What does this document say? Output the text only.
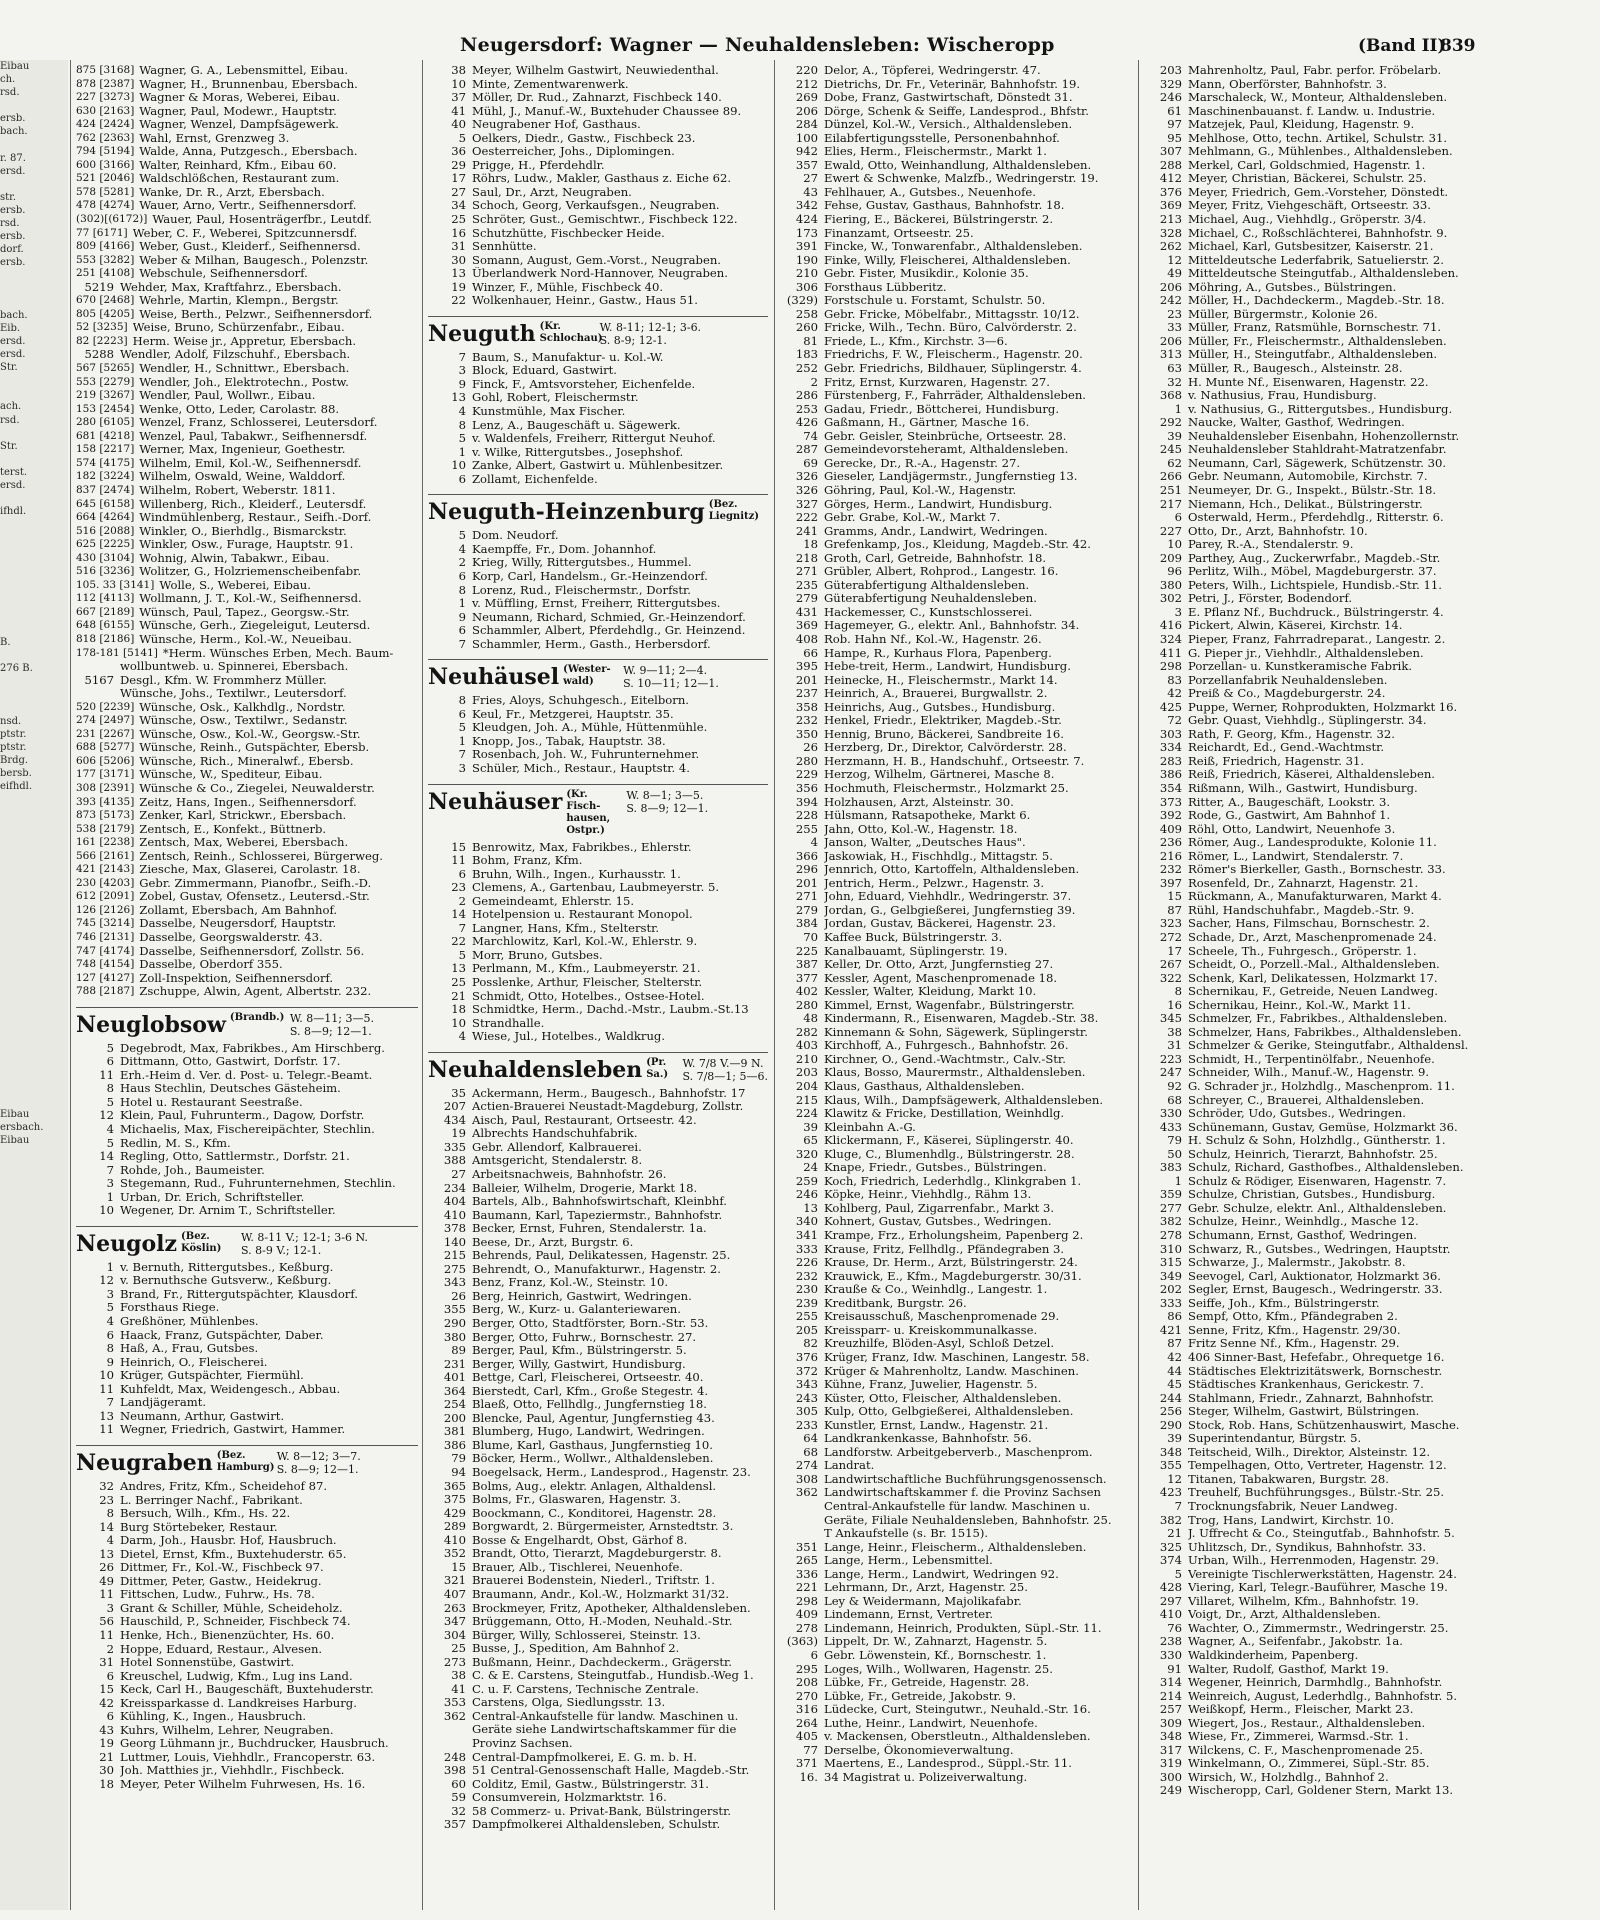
Neugersdorf: Wagner — Neuhaldensleben: Wischeropp	(Band II)
839
Eibau
ch.
rsd.

ersb.
bach.

r. 87.
ersd.

str.
ersb.
rsd.
ersb.
dorf.
ersb.

bach.
Eib.
ersd.
ersd.
Str.

ach.
rsd.

Str.

terst.
ersd.

ifhdl.

B.

276 B.

nsd.
ptstr.
ptstr.
Brdg.
bersb.
eifhdl.

Eibau
ersbach.
Eibau

875 [3168] Wagner, G. A., Lebensmittel, Eibau.
878 [2387] Wagner, H., Brunnenbau, Ebersbach.
227 [3273] Wagner & Moras, Weberei, Eibau.
630 [2163] Wagner, Paul, Modewr., Hauptstr.
424 [2424] Wagner, Wenzel, Dampfsägewerk.
762 [2363] Wahl, Ernst, Grenzweg 3.
794 [5194] Walde, Anna, Putzgesch., Ebersbach.
600 [3166] Walter, Reinhard, Kfm., Eibau 60.
521 [2046] Waldschlößchen, Restaurant zum.
578 [5281] Wanke, Dr. R., Arzt, Ebersbach.
478 [4274] Wauer, Arno, Vertr., Seifhennersdorf.
(302)[(6172)] Wauer, Paul, Hosenträgerfbr., Leutdf.
77 [6171] Weber, C. F., Weberei, Spitzcunnersdf.
809 [4166] Weber, Gust., Kleiderf., Seifhennersd.
553 [3282] Weber & Milhan, Baugesch., Polenzstr.
251 [4108] Webschule, Seifhennersdorf.
5219 Wehder, Max, Kraftfahrz., Ebersbach.
670 [2468] Wehrle, Martin, Klempn., Bergstr.
805 [4205] Weise, Berth., Pelzwr., Seifhennersdorf.
52 [3235] Weise, Bruno, Schürzenfabr., Eibau.
82 [2223] Herm. Weise jr., Appretur, Ebersbach.
5288 Wendler, Adolf, Filzschuhf., Ebersbach.
567 [5265] Wendler, H., Schnittwr., Ebersbach.
553 [2279] Wendler, Joh., Elektrotechn., Postw.
219 [3267] Wendler, Paul, Wollwr., Eibau.
153 [2454] Wenke, Otto, Leder, Carolastr. 88.
280 [6105] Wenzel, Franz, Schlosserei, Leutersdorf.
681 [4218] Wenzel, Paul, Tabakwr., Seifhennersdf.
158 [2217] Werner, Max, Ingenieur, Goethestr.
574 [4175] Wilhelm, Emil, Kol.-W., Seifhennersdf.
182 [3224] Wilhelm, Oswald, Weine, Walddorf.
837 [2474] Wilhelm, Robert, Weberstr. 1811.
645 [6158] Willenberg, Rich., Kleiderf., Leutersdf.
664 [4264] Windmühlenberg, Restaur., Seifh.-Dorf.
516 [2088] Winkler, O., Bierhdlg., Bismarckstr.
625 [2225] Winkler, Osw., Furage, Hauptstr. 91.
430 [3104] Wohnig, Alwin, Tabakwr., Eibau.
516 [3236] Wolitzer, G., Holzriemenscheibenfabr.
105. 33 [3141] Wolle, S., Weberei, Eibau.
112 [4113] Wollmann, J. T., Kol.-W., Seifhennersd.
667 [2189] Wünsch, Paul, Tapez., Georgsw.-Str.
648 [6155] Wünsche, Gerh., Ziegeleigut, Leutersd.
818 [2186] Wünsche, Herm., Kol.-W., Neueibau.
178-181 [5141] *Herm. Wünsches Erben, Mech. Baum-
wollbuntweb. u. Spinnerei, Ebersbach.
5167 Desgl., Kfm. W. Frommherz Müller.
Wünsche, Johs., Textilwr., Leutersdorf.
520 [2239] Wünsche, Osk., Kalkhdlg., Nordstr.
274 [2497] Wünsche, Osw., Textilwr., Sedanstr.
231 [2267] Wünsche, Osw., Kol.-W., Georgsw.-Str.
688 [5277] Wünsche, Reinh., Gutspächter, Ebersb.
606 [5206] Wünsche, Rich., Mineralwf., Ebersb.
177 [3171] Wünsche, W., Spediteur, Eibau.
308 [2391] Wünsche & Co., Ziegelei, Neuwalderstr.
393 [4135] Zeitz, Hans, Ingen., Seifhennersdorf.
873 [5173] Zenker, Karl, Strickwr., Ebersbach.
538 [2179] Zentsch, E., Konfekt., Büttnerb.
161 [2238] Zentsch, Max, Weberei, Ebersbach.
566 [2161] Zentsch, Reinh., Schlosserei, Bürgerweg.
421 [2143] Ziesche, Max, Glaserei, Carolastr. 18.
230 [4203] Gebr. Zimmermann, Pianofbr., Seifh.-D.
612 [2091] Zobel, Gustav, Ofensetz., Leutersd.-Str.
126 [2126] Zollamt, Ebersbach, Am Bahnhof.
745 [3214] Dasselbe, Neugersdorf, Hauptstr.
746 [2131] Dasselbe, Georgswalderstr. 43.
747 [4174] Dasselbe, Seifhennersdorf, Zollstr. 56.
748 [4154] Dasselbe, Oberdorf 355.
127 [4127] Zoll-Inspektion, Seifhennersdorf.
788 [2187] Zschuppe, Alwin, Agent, Albertstr. 232.
Neuglobsow (Brandb.) W. 8—11; 3—5.
S. 8—9; 12—1.
5 Degebrodt, Max, Fabrikbes., Am Hirschberg.
6 Dittmann, Otto, Gastwirt, Dorfstr. 17.
11 Erh.-Heim d. Ver. d. Post- u. Telegr.-Beamt.
8 Haus Stechlin, Deutsches Gästeheim.
5 Hotel u. Restaurant Seestraße.
12 Klein, Paul, Fuhrunterm., Dagow, Dorfstr.
4 Michaelis, Max, Fischereipächter, Stechlin.
5 Redlin, M. S., Kfm.
14 Regling, Otto, Sattlermstr., Dorfstr. 21.
7 Rohde, Joh., Baumeister.
3 Stegemann, Rud., Fuhrunternehmen, Stechlin.
1 Urban, Dr. Erich, Schriftsteller.
10 Wegener, Dr. Arnim T., Schriftsteller.
Neugolz (Bez. Köslin)
W. 8-11 V.; 12-1; 3-6 N.
S. 8-9 V.; 12-1.
1 v. Bernuth, Rittergutsbes., Keßburg.
12 v. Bernuthsche Gutsverw., Keßburg.
3 Brand, Fr., Rittergutspächter, Klausdorf.
5 Forsthaus Riege.
4 Greßhöner, Mühlenbes.
6 Haack, Franz, Gutspächter, Daber.
8 Haß, A., Frau, Gutsbes.
9 Heinrich, O., Fleischerei.
10 Krüger, Gutspächter, Fiermühl.
11 Kuhfeldt, Max, Weidengesch., Abbau.
7 Landjägeramt.
13 Neumann, Arthur, Gastwirt.
11 Wegner, Friedrich, Gastwirt, Hammer.
Neugraben (Bez. Hamburg)
W. 8—12; 3—7.
S. 8—9; 12—1.
32 Andres, Fritz, Kfm., Scheidehof 87.
23 L. Berringer Nachf., Fabrikant.
8 Bersuch, Wilh., Kfm., Hs. 22.
14 Burg Störtebeker, Restaur.
4 Darm, Joh., Hausbr. Hof, Hausbruch.
13 Dietel, Ernst, Kfm., Buxtehuderstr. 65.
26 Dittmer, Fr., Kol.-W., Fischbeck 97.
49 Dittmer, Peter, Gastw., Heidekrug.
11 Fittschen, Ludw., Fuhrw., Hs. 78.
3 Grant & Schiller, Mühle, Scheideholz.
56 Hauschild, P., Schneider, Fischbeck 74.
11 Henke, Hch., Bienenzüchter, Hs. 60.
2 Hoppe, Eduard, Restaur., Alvesen.
31 Hotel Sonnenstübe, Gastwirt.
6 Kreuschel, Ludwig, Kfm., Lug ins Land.
15 Keck, Carl H., Baugeschäft, Buxtehuderstr.
42 Kreissparkasse d. Landkreises Harburg.
6 Kühling, K., Ingen., Hausbruch.
43 Kuhrs, Wilhelm, Lehrer, Neugraben.
19 Georg Lühmann jr., Buchdrucker, Hausbruch.
21 Luttmer, Louis, Viehhdlr., Francoperstr. 63.
30 Joh. Matthies jr., Viehhdlr., Fischbeck.
18 Meyer, Peter Wilhelm Fuhrwesen, Hs. 16.
38 Meyer, Wilhelm Gastwirt, Neuwiedenthal.
10 Minte, Zementwarenwerk.
37 Möller, Dr. Rud., Zahnarzt, Fischbeck 140.
41 Mühl, J., Manuf.-W., Buxtehuder Chaussee 89.
40 Neugrabener Hof, Gasthaus.
5 Oelkers, Diedr., Gastw., Fischbeck 23.
36 Oesterreicher, Johs., Diplomingen.
29 Prigge, H., Pferdehdlr.
17 Röhrs, Ludw., Makler, Gasthaus z. Eiche 62.
27 Saul, Dr., Arzt, Neugraben.
34 Schoch, Georg, Verkaufsgen., Neugraben.
25 Schröter, Gust., Gemischtwr., Fischbeck 122.
16 Schutzhütte, Fischbecker Heide.
31 Sennhütte.
30 Somann, August, Gem.-Vorst., Neugraben.
13 Überlandwerk Nord-Hannover, Neugraben.
19 Winzer, F., Mühle, Fischbeck 40.
22 Wolkenhauer, Heinr., Gastw., Haus 51.
Neuguth (Kr. Schlochau)
W. 8-11; 12-1; 3-6.
S. 8-9; 12-1.
7 Baum, S., Manufaktur- u. Kol.-W.
3 Block, Eduard, Gastwirt.
9 Finck, F., Amtsvorsteher, Eichenfelde.
13 Gohl, Robert, Fleischermstr.
4 Kunstmühle, Max Fischer.
8 Lenz, A., Baugeschäft u. Sägewerk.
5 v. Waldenfels, Freiherr, Rittergut Neuhof.
1 v. Wilke, Rittergutsbes., Josephshof.
10 Zanke, Albert, Gastwirt u. Mühlenbesitzer.
6 Zollamt, Eichenfelde.
Neuguth-Heinzenburg (Bez. Liegnitz)
5 Dom. Neudorf.
4 Kaempffe, Fr., Dom. Johannhof.
2 Krieg, Willy, Rittergutsbes., Hummel.
6 Korp, Carl, Handelsm., Gr.-Heinzendorf.
8 Lorenz, Rud., Fleischermstr., Dorfstr.
1 v. Müffling, Ernst, Freiherr, Rittergutsbes.
9 Neumann, Richard, Schmied, Gr.-Heinzendorf.
6 Schammler, Albert, Pferdehdlg., Gr. Heinzend.
7 Schammler, Herm., Gasth., Herbersdorf.
Neuhäusel (Wester-wald)
W. 9—11; 2—4.
S. 10—11; 12—1.
8 Fries, Aloys, Schuhgesch., Eitelborn.
6 Keul, Fr., Metzgerei, Hauptstr. 35.
5 Kleudgen, Joh. A., Mühle, Hüttenmühle.
1 Knopp, Jos., Tabak, Hauptstr. 38.
7 Rosenbach, Joh. W., Fuhrunternehmer.
3 Schüler, Mich., Restaur., Hauptstr. 4.
Neuhäuser (Kr. Fisch-hausen, Ostpr.)
W. 8—1; 3—5.
S. 8—9; 12—1.
15 Benrowitz, Max, Fabrikbes., Ehlerstr.
11 Bohm, Franz, Kfm.
6 Bruhn, Wilh., Ingen., Kurhausstr. 1.
23 Clemens, A., Gartenbau, Laubmeyerstr. 5.
2 Gemeindeamt, Ehlerstr. 15.
14 Hotelpension u. Restaurant Monopol.
7 Langner, Hans, Kfm., Stelterstr.
22 Marchlowitz, Karl, Kol.-W., Ehlerstr. 9.
5 Morr, Bruno, Gutsbes.
13 Perlmann, M., Kfm., Laubmeyerstr. 21.
25 Posslenke, Arthur, Fleischer, Stelterstr.
21 Schmidt, Otto, Hotelbes., Ostsee-Hotel.
18 Schmidtke, Herm., Dachd.-Mstr., Laubm.-St.13
10 Strandhalle.
4 Wiese, Jul., Hotelbes., Waldkrug.
Neuhaldensleben (Pr. Sa.)
W. 7/8 V.—9 N.
S. 7/8—1; 5—6.
35 Ackermann, Herm., Baugesch., Bahnhofstr. 17
207 Actien-Brauerei Neustadt-Magdeburg, Zollstr.
434 Aisch, Paul, Restaurant, Ortseestr. 42.
19 Albrechts Handschuhfabrik.
335 Gebr. Allendorf, Kalbrauerei.
388 Amtsgericht, Stendalerstr. 8.
27 Arbeitsnachweis, Bahnhofstr. 26.
234 Balleier, Wilhelm, Drogerie, Markt 18.
404 Bartels, Alb., Bahnhofswirtschaft, Kleinbhf.
410 Baumann, Karl, Tapeziermstr., Bahnhofstr.
378 Becker, Ernst, Fuhren, Stendalerstr. 1a.
140 Beese, Dr., Arzt, Burgstr. 6.
215 Behrends, Paul, Delikatessen, Hagenstr. 25.
275 Behrendt, O., Manufakturwr., Hagenstr. 2.
343 Benz, Franz, Kol.-W., Steinstr. 10.
26 Berg, Heinrich, Gastwirt, Wedringen.
355 Berg, W., Kurz- u. Galanteriewaren.
290 Berger, Otto, Stadtförster, Born.-Str. 53.
380 Berger, Otto, Fuhrw., Bornschestr. 27.
89 Berger, Paul, Kfm., Bülstringerstr. 5.
231 Berger, Willy, Gastwirt, Hundisburg.
401 Bettge, Carl, Fleischerei, Ortseestr. 40.
364 Bierstedt, Carl, Kfm., Große Stegestr. 4.
254 Blaeß, Otto, Fellhdlg., Jungfernstieg 18.
200 Blencke, Paul, Agentur, Jungfernstieg 43.
381 Blumberg, Hugo, Landwirt, Wedringen.
386 Blume, Karl, Gasthaus, Jungfernstieg 10.
79 Böcker, Herm., Wollwr., Althaldensleben.
94 Boegelsack, Herm., Landesprod., Hagenstr. 23.
365 Bolms, Aug., elektr. Anlagen, Althaldensl.
375 Bolms, Fr., Glaswaren, Hagenstr. 3.
429 Boockmann, C., Konditorei, Hagenstr. 28.
289 Borgwardt, 2. Bürgermeister, Arnstedtstr. 3.
410 Bosse & Engelhardt, Obst, Gärhof 8.
352 Brandt, Otto, Tierarzt, Magdeburgerstr. 8.
15 Brauer, Alb., Tischlerei, Neuenhofe.
321 Brauerei Bodenstein, Niederl., Triftstr. 1.
407 Braumann, Andr., Kol.-W., Holzmarkt 31/32.
263 Brockmeyer, Fritz, Apotheker, Althaldensleben.
347 Brüggemann, Otto, H.-Moden, Neuhald.-Str.
304 Bürger, Willy, Schlosserei, Steinstr. 13.
25 Busse, J., Spedition, Am Bahnhof 2.
273 Bußmann, Heinr., Dachdeckerm., Grägerstr.
38 C. & E. Carstens, Steingutfab., Hundisb.-Weg 1.
41 C. u. F. Carstens, Technische Zentrale.
353 Carstens, Olga, Siedlungsstr. 13.
362 Central-Ankaufstelle für landw. Maschinen u.
Geräte siehe Landwirtschaftskammer für die
Provinz Sachsen.
248 Central-Dampfmolkerei, E. G. m. b. H.
398 51 Central-Genossenschaft Halle, Magdeb.-Str.
60 Colditz, Emil, Gastw., Bülstringerstr. 31.
59 Consumverein, Holzmarktstr. 16.
32 58 Commerz- u. Privat-Bank, Bülstringerstr.
357 Dampfmolkerei Althaldensleben, Schulstr.
220 Delor, A., Töpferei, Wedringerstr. 47.
212 Dietrichs, Dr. Fr., Veterinär, Bahnhofstr. 19.
269 Dobe, Franz, Gastwirtschaft, Dönstedt 31.
206 Dörge, Schenk & Seiffe, Landesprod., Bhfstr.
284 Dünzel, Kol.-W., Versich., Althaldensleben.
100 Eilabfertigungsstelle, Personenbahnhof.
942 Elies, Herm., Fleischermstr., Markt 1.
357 Ewald, Otto, Weinhandlung, Althaldensleben.
27 Ewert & Schwenke, Malzfb., Wedringerstr. 19.
43 Fehlhauer, A., Gutsbes., Neuenhofe.
342 Fehse, Gustav, Gasthaus, Bahnhofstr. 18.
424 Fiering, E., Bäckerei, Bülstringerstr. 2.
173 Finanzamt, Ortseestr. 25.
391 Fincke, W., Tonwarenfabr., Althaldensleben.
190 Finke, Willy, Fleischerei, Althaldensleben.
210 Gebr. Fister, Musikdir., Kolonie 35.
306 Forsthaus Lübberitz.
(329) Forstschule u. Forstamt, Schulstr. 50.
258 Gebr. Fricke, Möbelfabr., Mittagsstr. 10/12.
260 Fricke, Wilh., Techn. Büro, Calvörderstr. 2.
81 Friede, L., Kfm., Kirchstr. 3—6.
183 Friedrichs, F. W., Fleischerm., Hagenstr. 20.
252 Gebr. Friedrichs, Bildhauer, Süplingerstr. 4.
2 Fritz, Ernst, Kurzwaren, Hagenstr. 27.
286 Fürstenberg, F., Fahrräder, Althaldensleben.
253 Gadau, Friedr., Böttcherei, Hundisburg.
426 Gaßmann, H., Gärtner, Masche 16.
74 Gebr. Geisler, Steinbrüche, Ortseestr. 28.
287 Gemeindevorsteheramt, Althaldensleben.
69 Gerecke, Dr., R.-A., Hagenstr. 27.
326 Gieseler, Landjägermstr., Jungfernstieg 13.
326 Göhring, Paul, Kol.-W., Hagenstr.
327 Görges, Herm., Landwirt, Hundisburg.
222 Gebr. Grabe, Kol.-W., Markt 7.
241 Gramms, Andr., Landwirt, Wedringen.
18 Grefenkamp, Jos., Kleidung, Magdeb.-Str. 42.
218 Groth, Carl, Getreide, Bahnhofstr. 18.
271 Grübler, Albert, Rohprod., Langestr. 16.
235 Güterabfertigung Althaldensleben.
279 Güterabfertigung Neuhaldensleben.
431 Hackemesser, C., Kunstschlosserei.
369 Hagemeyer, G., elektr. Anl., Bahnhofstr. 34.
408 Rob. Hahn Nf., Kol.-W., Hagenstr. 26.
66 Hampe, R., Kurhaus Flora, Papenberg.
395 Hebe-treit, Herm., Landwirt, Hundisburg.
201 Heinecke, H., Fleischermstr., Markt 14.
237 Heinrich, A., Brauerei, Burgwallstr. 2.
358 Heinrichs, Aug., Gutsbes., Hundisburg.
232 Henkel, Friedr., Elektriker, Magdeb.-Str.
350 Hennig, Bruno, Bäckerei, Sandbreite 16.
26 Herzberg, Dr., Direktor, Calvörderstr. 28.
280 Herzmann, H. B., Handschuhf., Ortseestr. 7.
229 Herzog, Wilhelm, Gärtnerei, Masche 8.
356 Hochmuth, Fleischermstr., Holzmarkt 25.
394 Holzhausen, Arzt, Alsteinstr. 30.
228 Hülsmann, Ratsapotheke, Markt 6.
255 Jahn, Otto, Kol.-W., Hagenstr. 18.
4 Janson, Walter, „Deutsches Haus".
366 Jaskowiak, H., Fischhdlg., Mittagstr. 5.
296 Jennrich, Otto, Kartoffeln, Althaldensleben.
201 Jentrich, Herm., Pelzwr., Hagenstr. 3.
271 John, Eduard, Viehhdlr., Wedringerstr. 37.
279 Jordan, G., Gelbgießerei, Jungfernstieg 39.
384 Jordan, Gustav, Bäckerei, Hagenstr. 23.
70 Kaffee Buck, Bülstringerstr. 3.
225 Kanalbauamt, Süplingerstr. 19.
387 Keller, Dr. Otto, Arzt, Jungfernstieg 27.
377 Kessler, Agent, Maschenpromenade 18.
402 Kessler, Walter, Kleidung, Markt 10.
280 Kimmel, Ernst, Wagenfabr., Bülstringerstr.
48 Kindermann, R., Eisenwaren, Magdeb.-Str. 38.
282 Kinnemann & Sohn, Sägewerk, Süplingerstr.
403 Kirchhoff, A., Fuhrgesch., Bahnhofstr. 26.
210 Kirchner, O., Gend.-Wachtmstr., Calv.-Str.
203 Klaus, Bosso, Maurermstr., Althaldensleben.
204 Klaus, Gasthaus, Althaldensleben.
215 Klaus, Wilh., Dampfsägewerk, Althaldensleben.
224 Klawitz & Fricke, Destillation, Weinhdlg.
39 Kleinbahn A.-G.
65 Klickermann, F., Käserei, Süplingerstr. 40.
320 Kluge, C., Blumenhdlg., Bülstringerstr. 28.
24 Knape, Friedr., Gutsbes., Bülstringen.
259 Koch, Friedrich, Lederhdlg., Klinkgraben 1.
246 Köpke, Heinr., Viehhdlg., Rähm 13.
13 Kohlberg, Paul, Zigarrenfabr., Markt 3.
340 Kohnert, Gustav, Gutsbes., Wedringen.
341 Krampe, Frz., Erholungsheim, Papenberg 2.
333 Krause, Fritz, Fellhdlg., Pfändegraben 3.
226 Krause, Dr. Herm., Arzt, Bülstringerstr. 24.
232 Krauwick, E., Kfm., Magdeburgerstr. 30/31.
230 Krauße & Co., Weinhdlg., Langestr. 1.
239 Kreditbank, Burgstr. 26.
255 Kreisausschuß, Maschenpromenade 29.
205 Kreissparr- u. Kreiskommunalkasse.
82 Kreuzhilfe, Blöden-Asyl, Schloß Detzel.
376 Krüger, Franz, Idw. Maschinen, Langestr. 58.
372 Krüger & Mahrenholtz, Landw. Maschinen.
343 Kühne, Franz, Juwelier, Hagenstr. 5.
243 Küster, Otto, Fleischer, Althaldensleben.
305 Kulp, Otto, Gelbgießerei, Althaldensleben.
233 Kunstler, Ernst, Landw., Hagenstr. 21.
64 Landkrankenkasse, Bahnhofstr. 56.
68 Landforstw. Arbeitgeberverb., Maschenprom.
274 Landrat.
308 Landwirtschaftliche Buchführungsgenossensch.
362 Landwirtschaftskammer f. die Provinz Sachsen
Central-Ankaufstelle für landw. Maschinen u.
Geräte, Filiale Neuhaldensleben, Bahnhofstr. 25.
T Ankaufstelle (s. Br. 1515).
351 Lange, Heinr., Fleischerm., Althaldensleben.
265 Lange, Herm., Lebensmittel.
336 Lange, Herm., Landwirt, Wedringen 92.
221 Lehrmann, Dr., Arzt, Hagenstr. 25.
298 Ley & Weidermann, Majolikafabr.
409 Lindemann, Ernst, Vertreter.
278 Lindemann, Heinrich, Produkten, Süpl.-Str. 11.
(363) Lippelt, Dr. W., Zahnarzt, Hagenstr. 5.
6 Gebr. Löwenstein, Kf., Bornschestr. 1.
295 Loges, Wilh., Wollwaren, Hagenstr. 25.
208 Lübke, Fr., Getreide, Hagenstr. 28.
270 Lübke, Fr., Getreide, Jakobstr. 9.
316 Lüdecke, Curt, Steingutwr., Neuhald.-Str. 16.
264 Luthe, Heinr., Landwirt, Neuenhofe.
405 v. Mackensen, Oberstleutn., Althaldensleben.
77 Derselbe, Ökonomieverwaltung.
371 Maertens, E., Landesprod., Süppl.-Str. 11.
16. 34 Magistrat u. Polizeiverwaltung.
203 Mahrenholtz, Paul, Fabr. perfor. Fröbelarb.
329 Mann, Oberförster, Bahnhofstr. 3.
246 Marschaleck, W., Monteur, Althaldensleben.
61 Maschinenbauanst. f. Landw. u. Industrie.
97 Matzejek, Paul, Kleidung, Hagenstr. 9.
95 Mehlhose, Otto, techn. Artikel, Schulstr. 31.
307 Mehlmann, G., Mühlenbes., Althaldensleben.
288 Merkel, Carl, Goldschmied, Hagenstr. 1.
412 Meyer, Christian, Bäckerei, Schulstr. 25.
376 Meyer, Friedrich, Gem.-Vorsteher, Dönstedt.
369 Meyer, Fritz, Viehgeschäft, Ortseestr. 33.
213 Michael, Aug., Viehhdlg., Gröperstr. 3/4.
328 Michael, C., Roßschlächterei, Bahnhofstr. 9.
262 Michael, Karl, Gutsbesitzer, Kaiserstr. 21.
12 Mitteldeutsche Lederfabrik, Satuelierstr. 2.
49 Mitteldeutsche Steingutfab., Althaldensleben.
206 Möhring, A., Gutsbes., Bülstringen.
242 Möller, H., Dachdeckerm., Magdeb.-Str. 18.
23 Müller, Bürgermstr., Kolonie 26.
33 Müller, Franz, Ratsmühle, Bornschestr. 71.
206 Müller, Fr., Fleischermstr., Althaldensleben.
313 Müller, H., Steingutfabr., Althaldensleben.
63 Müller, R., Baugesch., Alsteinstr. 28.
32 H. Munte Nf., Eisenwaren, Hagenstr. 22.
368 v. Nathusius, Frau, Hundisburg.
1 v. Nathusius, G., Rittergutsbes., Hundisburg.
292 Naucke, Walter, Gasthof, Wedringen.
39 Neuhaldensleber Eisenbahn, Hohenzollernstr.
245 Neuhaldensleber Stahldraht-Matratzenfabr.
62 Neumann, Carl, Sägewerk, Schützenstr. 30.
266 Gebr. Neumann, Automobile, Kirchstr. 7.
251 Neumeyer, Dr. G., Inspekt., Bülstr.-Str. 18.
217 Niemann, Hch., Delikat., Bülstringerstr.
6 Osterwald, Herm., Pferdehdlg., Ritterstr. 6.
227 Otto, Dr., Arzt, Bahnhofstr. 10.
10 Parey, R.-A., Stendalerstr. 9.
209 Parthey, Aug., Zuckerwrfabr., Magdeb.-Str.
96 Perlitz, Wilh., Möbel, Magdeburgerstr. 37.
380 Peters, Wilh., Lichtspiele, Hundisb.-Str. 11.
302 Petri, J., Förster, Bodendorf.
3 E. Pflanz Nf., Buchdruck., Bülstringerstr. 4.
416 Pickert, Alwin, Käserei, Kirchstr. 14.
324 Pieper, Franz, Fahrradreparat., Langestr. 2.
411 G. Pieper jr., Viehhdlr., Althaldensleben.
298 Porzellan- u. Kunstkeramische Fabrik.
83 Porzellanfabrik Neuhaldensleben.
42 Preiß & Co., Magdeburgerstr. 24.
425 Puppe, Werner, Rohprodukten, Holzmarkt 16.
72 Gebr. Quast, Viehhdlg., Süplingerstr. 34.
303 Rath, F. Georg, Kfm., Hagenstr. 32.
334 Reichardt, Ed., Gend.-Wachtmstr.
283 Reiß, Friedrich, Hagenstr. 31.
386 Reiß, Friedrich, Käserei, Althaldensleben.
354 Rißmann, Wilh., Gastwirt, Hundisburg.
373 Ritter, A., Baugeschäft, Lookstr. 3.
392 Rode, G., Gastwirt, Am Bahnhof 1.
409 Röhl, Otto, Landwirt, Neuenhofe 3.
236 Römer, Aug., Landesprodukte, Kolonie 11.
216 Römer, L., Landwirt, Stendalerstr. 7.
232 Römer's Bierkeller, Gasth., Bornschestr. 33.
397 Rosenfeld, Dr., Zahnarzt, Hagenstr. 21.
15 Rückmann, A., Manufakturwaren, Markt 4.
87 Rühl, Handschuhfabr., Magdeb.-Str. 9.
323 Sacher, Hans, Filmschau, Bornschestr. 2.
272 Schade, Dr., Arzt, Maschenpromenade 24.
17 Scheele, Th., Fuhrgesch., Gröperstr. 1.
267 Scheidt, O., Porzell.-Mal., Althaldensleben.
322 Schenk, Karl, Delikatessen, Holzmarkt 17.
8 Schernikau, F., Getreide, Neuen Landweg.
16 Schernikau, Heinr., Kol.-W., Markt 11.
345 Schmelzer, Fr., Fabrikbes., Althaldensleben.
38 Schmelzer, Hans, Fabrikbes., Althaldensleben.
31 Schmelzer & Gerike, Steingutfabr., Althaldensl.
223 Schmidt, H., Terpentinölfabr., Neuenhofe.
247 Schneider, Wilh., Manuf.-W., Hagenstr. 9.
92 G. Schrader jr., Holzhdlg., Maschenprom. 11.
68 Schreyer, C., Brauerei, Althaldensleben.
330 Schröder, Udo, Gutsbes., Wedringen.
433 Schünemann, Gustav, Gemüse, Holzmarkt 36.
79 H. Schulz & Sohn, Holzhdlg., Güntherstr. 1.
50 Schulz, Heinrich, Tierarzt, Bahnhofstr. 25.
383 Schulz, Richard, Gasthofbes., Althaldensleben.
1 Schulz & Rödiger, Eisenwaren, Hagenstr. 7.
359 Schulze, Christian, Gutsbes., Hundisburg.
277 Gebr. Schulze, elektr. Anl., Althaldensleben.
382 Schulze, Heinr., Weinhdlg., Masche 12.
278 Schumann, Ernst, Gasthof, Wedringen.
310 Schwarz, R., Gutsbes., Wedringen, Hauptstr.
315 Schwarze, J., Malermstr., Jakobstr. 8.
349 Seevogel, Carl, Auktionator, Holzmarkt 36.
202 Segler, Ernst, Baugesch., Wedringerstr. 33.
333 Seiffe, Joh., Kfm., Bülstringerstr.
86 Sempf, Otto, Kfm., Pfändegraben 2.
421 Senne, Fritz, Kfm., Hagenstr. 29/30.
87 Fritz Senne Nf., Kfm., Hagenstr. 29.
42 406 Sinner-Bast, Hefefabr., Ohrequetge 16.
44 Städtisches Elektrizitätswerk, Bornschestr.
45 Städtisches Krankenhaus, Gerickestr. 7.
244 Stahlmann, Friedr., Zahnarzt, Bahnhofstr.
256 Steger, Wilhelm, Gastwirt, Bülstringen.
290 Stock, Rob. Hans, Schützenhauswirt, Masche.
39 Superintendantur, Bürgstr. 5.
348 Teitscheid, Wilh., Direktor, Alsteinstr. 12.
355 Tempelhagen, Otto, Vertreter, Hagenstr. 12.
12 Titanen, Tabakwaren, Burgstr. 28.
423 Treuhelf, Buchführungsges., Bülstr.-Str. 25.
7 Trocknungsfabrik, Neuer Landweg.
382 Trog, Hans, Landwirt, Kirchstr. 10.
21 J. Uffrecht & Co., Steingutfab., Bahnhofstr. 5.
325 Uhlitzsch, Dr., Syndikus, Bahnhofstr. 33.
374 Urban, Wilh., Herrenmoden, Hagenstr. 29.
5 Vereinigte Tischlerwerkstätten, Hagenstr. 24.
428 Viering, Karl, Telegr.-Bauführer, Masche 19.
297 Villaret, Wilhelm, Kfm., Bahnhofstr. 19.
410 Voigt, Dr., Arzt, Althaldensleben.
76 Wachter, O., Zimmermstr., Wedringerstr. 25.
238 Wagner, A., Seifenfabr., Jakobstr. 1a.
330 Waldkinderheim, Papenberg.
91 Walter, Rudolf, Gasthof, Markt 19.
314 Wegener, Heinrich, Darmhdlg., Bahnhofstr.
214 Weinreich, August, Lederhdlg., Bahnhofstr. 5.
257 Weißkopf, Herm., Fleischer, Markt 23.
309 Wiegert, Jos., Restaur., Althaldensleben.
348 Wiese, Fr., Zimmerei, Warmsd.-Str. 1.
317 Wilckens, C. F., Maschenpromenade 25.
319 Winkelmann, O., Zimmerei, Süpl.-Str. 85.
300 Wirsich, W., Holzhdlg., Bahnhof 2.
249 Wischeropp, Carl, Goldener Stern, Markt 13.
